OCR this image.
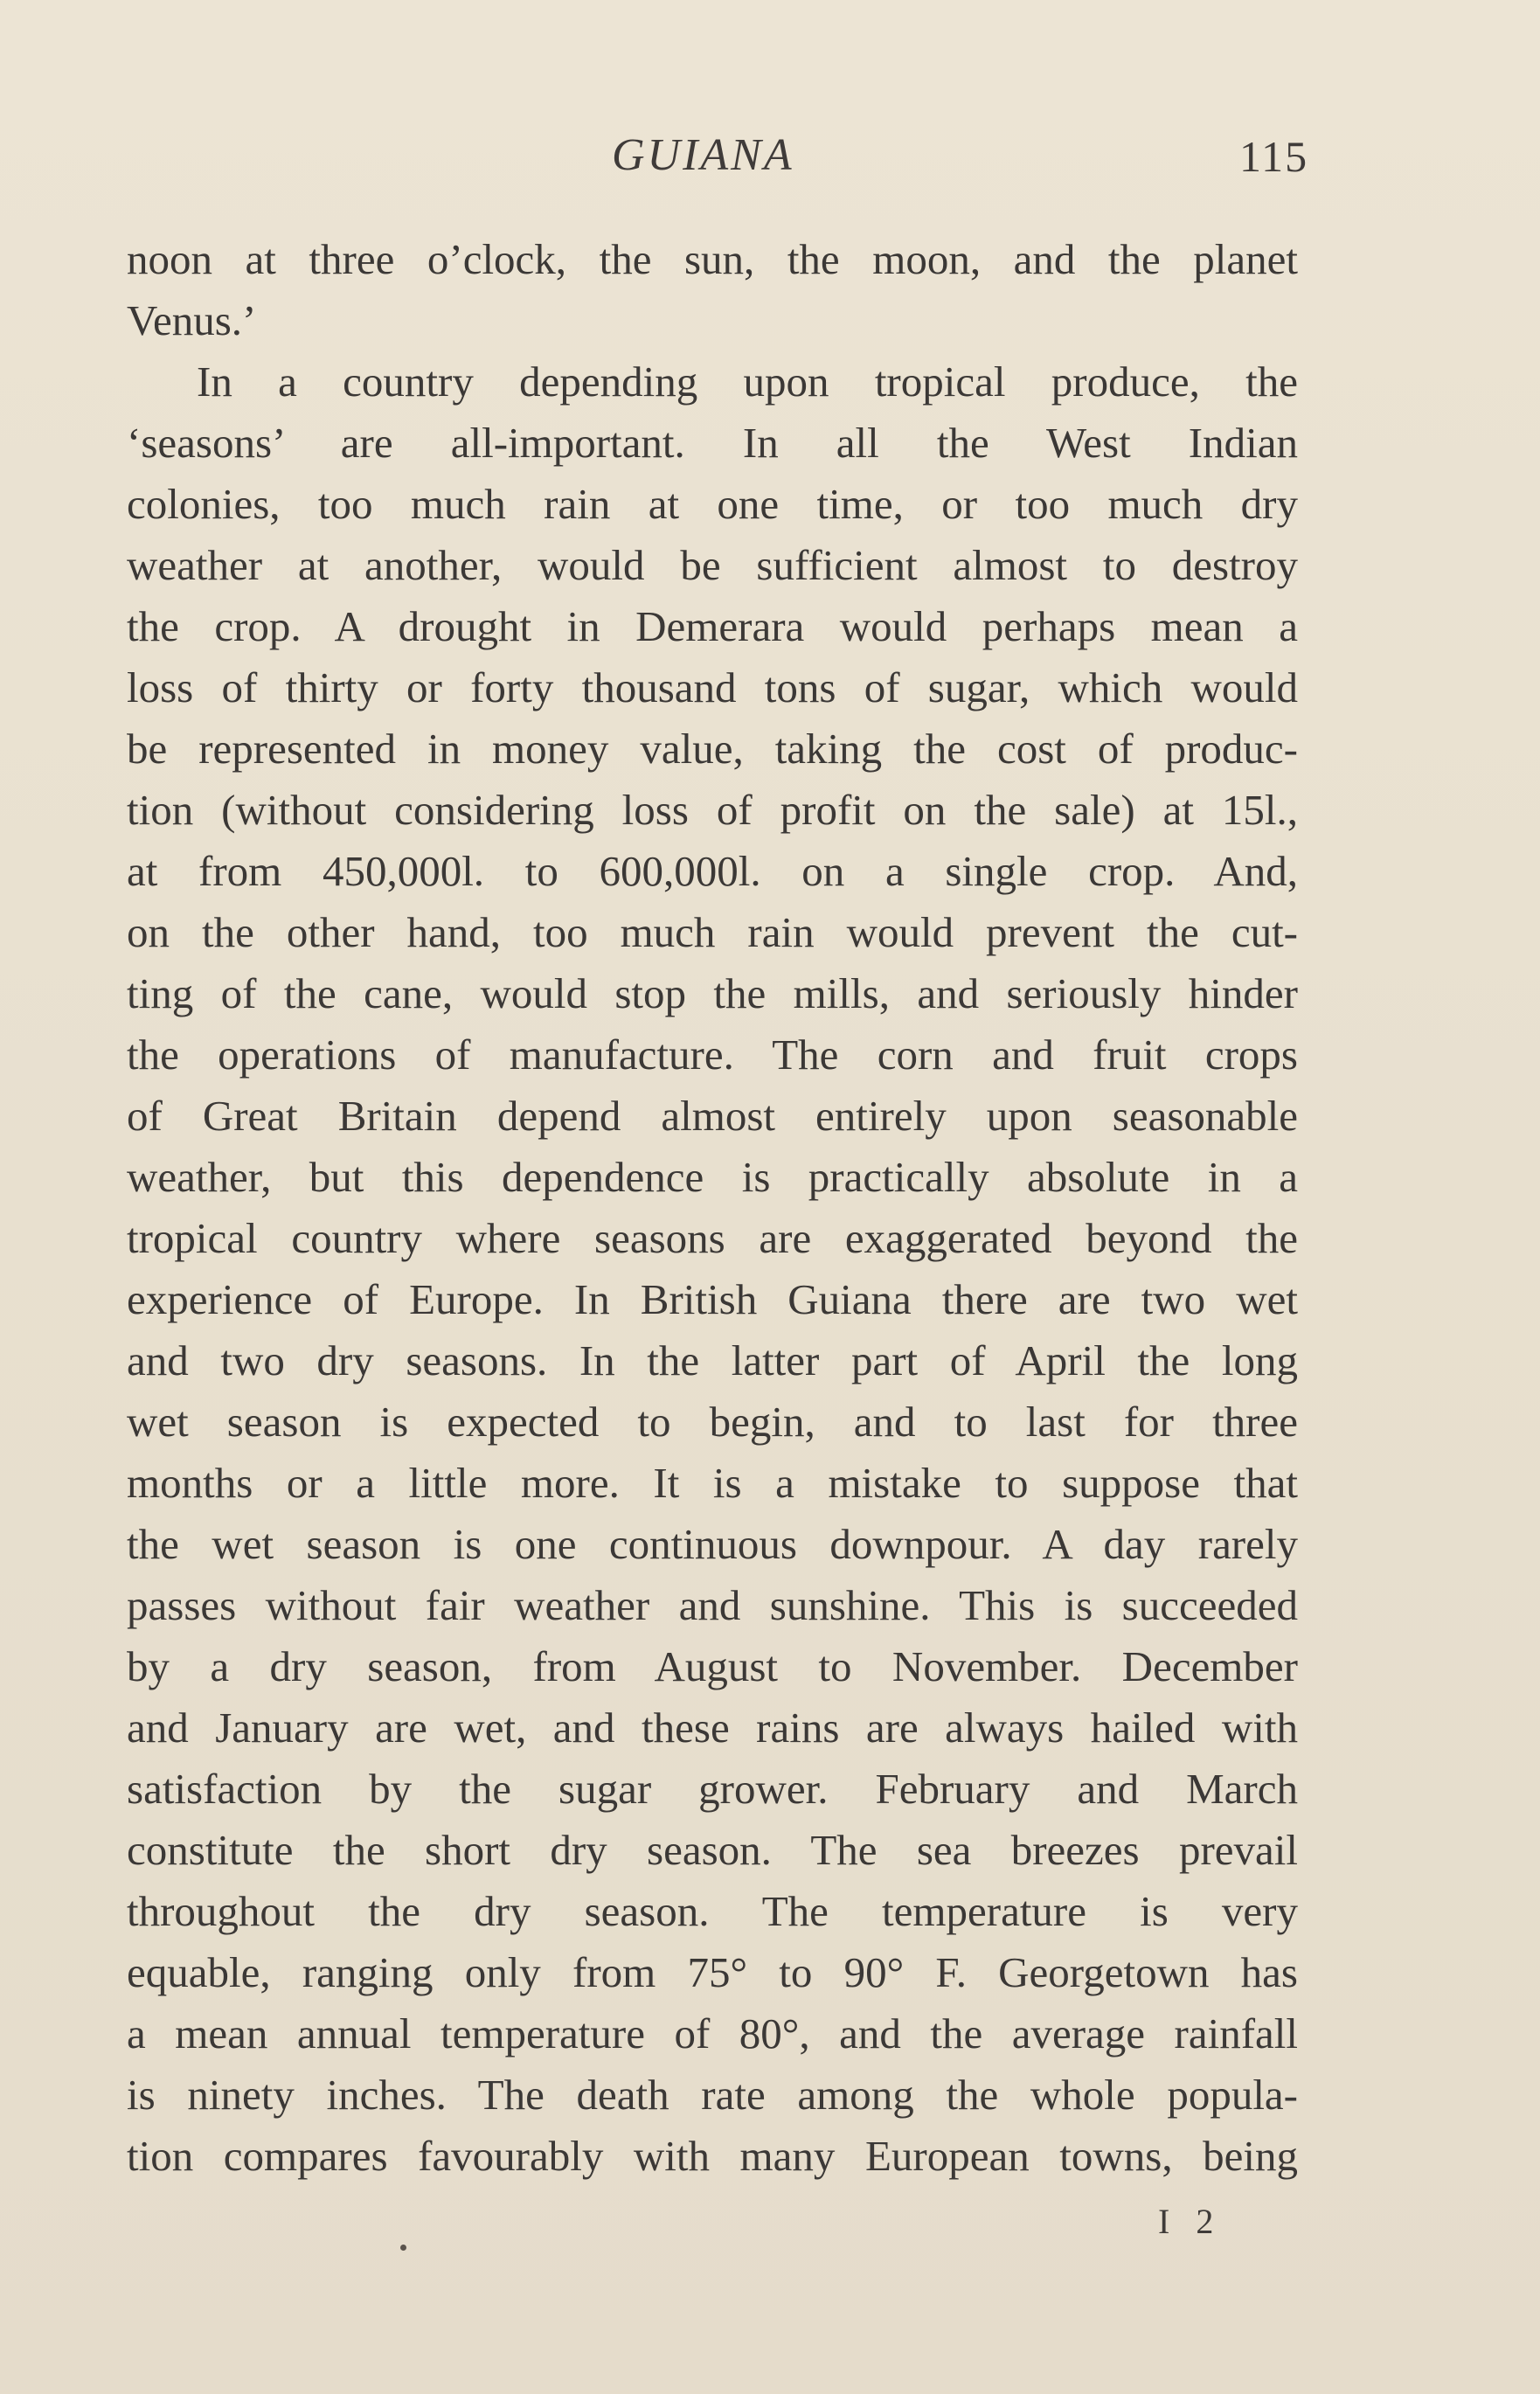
GUIANA	115
noon at three o’clock, the sun, the moon, and the planet
Venus.’
In a country depending upon tropical produce, the
‘seasons’ are all-important. In all the West Indian
colonies, too much rain at one time, or too much dry
weather at another, would be sufficient almost to destroy
the crop. A drought in Demerara would perhaps mean a
loss of thirty or forty thousand tons of sugar, which would
be represented in money value, taking the cost of produc-
tion (without considering loss of profit on the sale) at 15l.,
at from 450,000l. to 600,000l. on a single crop. And,
on the other hand, too much rain would prevent the cut-
ting of the cane, would stop the mills, and seriously hinder
the operations of manufacture. The corn and fruit crops
of Great Britain depend almost entirely upon seasonable
weather, but this dependence is practically absolute in a
tropical country where seasons are exaggerated beyond the
experience of Europe. In British Guiana there are two wet
and two dry seasons. In the latter part of April the long
wet season is expected to begin, and to last for three
months or a little more. It is a mistake to suppose that
the wet season is one continuous downpour. A day rarely
passes without fair weather and sunshine. This is succeeded
by a dry season, from August to November. December
and January are wet, and these rains are always hailed with
satisfaction by the sugar grower. February and March
constitute the short dry season. The sea breezes prevail
throughout the dry season. The temperature is very
equable, ranging only from 75° to 90° F. Georgetown has
a mean annual temperature of 80°, and the average rainfall
is ninety inches. The death rate among the whole popula-
tion compares favourably with many European towns, being
I 2
